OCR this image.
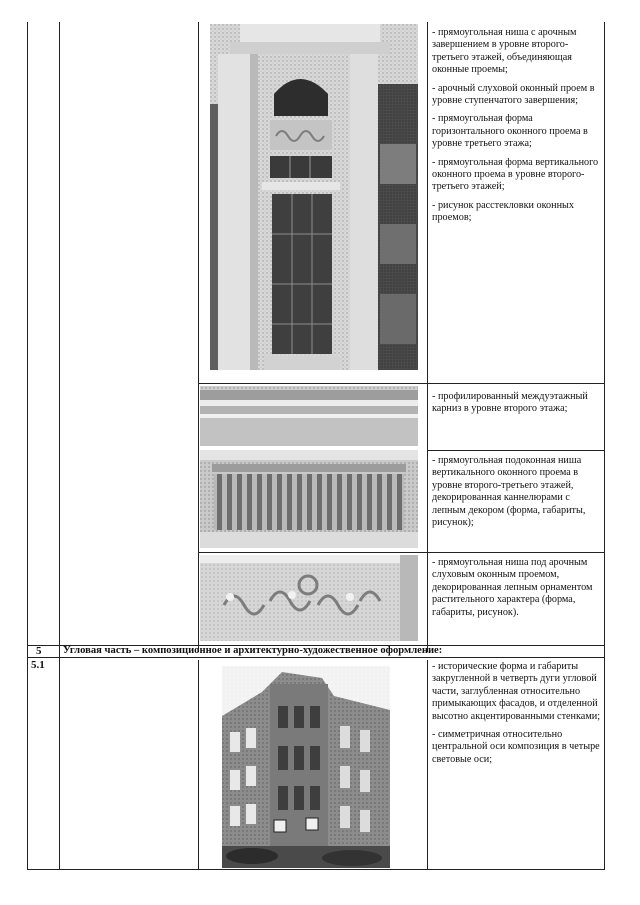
- прямоугольная ниша с арочным завершением в уровне второго-третьего этажей, объединяющая оконные проемы;

- арочный слуховой оконный проем в уровне ступенчатого завершения;

- прямоугольная форма горизонтального оконного проема в уровне третьего этажа;

- прямоугольная форма вертикального оконного проема в уровне второго-третьего этажей;

- рисунок расстекловки оконных проемов;

- профилированный междуэтажный карниз в уровне второго этажа;

- прямоугольная подоконная ниша вертикального оконного проема в уровне второго-третьего этажей, декорированная каннелюрами с лепным декором (форма, габариты, рисунок);

- прямоугольная ниша под арочным слуховым оконным проемом, декорированная лепным орнаментом растительного характера (форма, габариты, рисунок).

5 Угловая часть – композиционное и архитектурно-художественное оформление:
5.1	- исторические форма и габариты закругленной в четверть дуги угловой части, заглубленная относительно примыкающих фасадов, и отделенной высотно акцентированными стенками;

- симметричная относительно центральной оси композиция в четыре световые оси;
